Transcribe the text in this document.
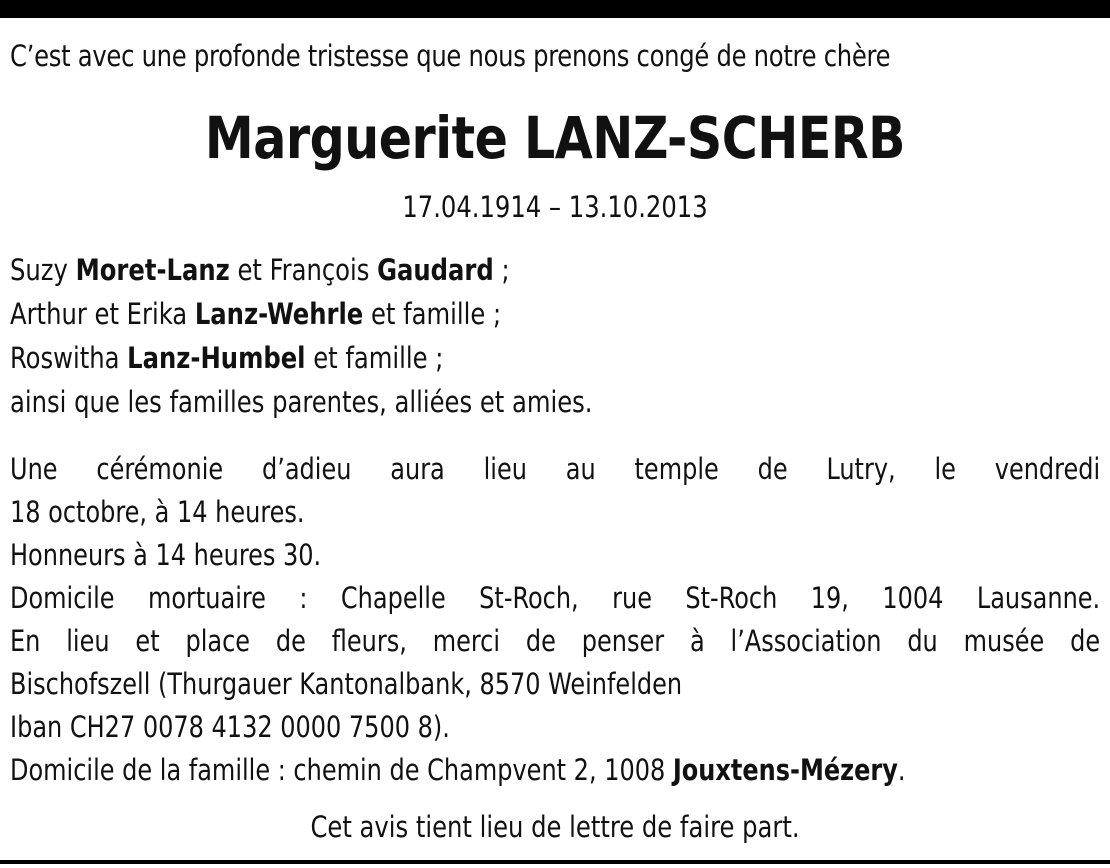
C’est avec une profonde tristesse que nous prenons congé de notre chère
Marguerite LANZ-SCHERB
17.04.1914 – 13.10.2013
Suzy Moret-Lanz et François Gaudard ;
Arthur et Erika Lanz-Wehrle et famille ;
Roswitha Lanz-Humbel et famille ;
ainsi que les familles parentes, alliées et amies.
Une cérémonie d’adieu aura lieu au temple de Lutry, le vendredi
18 octobre, à 14 heures.
Honneurs à 14 heures 30.
Domicile mortuaire : Chapelle St-Roch, rue St-Roch 19, 1004 Lausanne.
En lieu et place de fleurs, merci de penser à l’Association du musée de
Bischofszell (Thurgauer Kantonalbank, 8570 Weinfelden
Iban CH27 0078 4132 0000 7500 8).
Domicile de la famille : chemin de Champvent 2, 1008 Jouxtens-Mézery.
Cet avis tient lieu de lettre de faire part.
